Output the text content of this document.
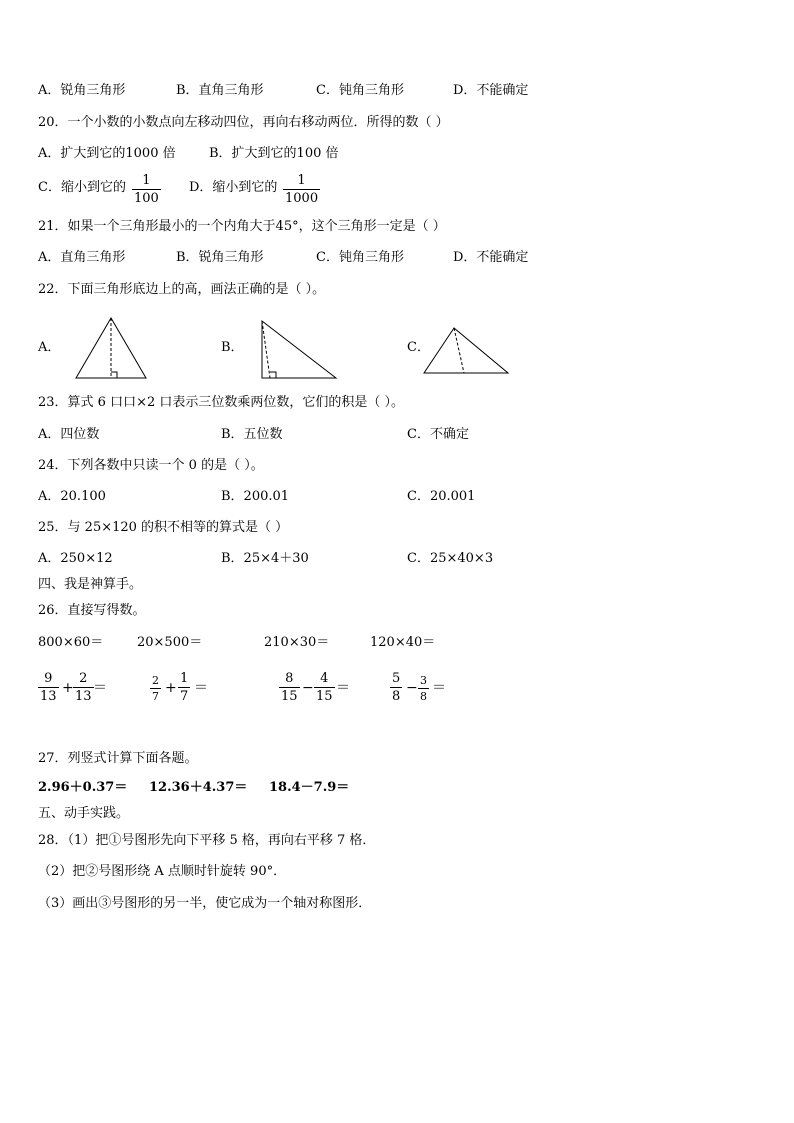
A．锐角三角形	B．直角三角形	C．钝角三角形	D．不能确定
20．一个小数的小数点向左移动四位，再向右移动两位．所得的数（ ）
A．扩大到它的1000 倍	B．扩大到它的100 倍
C．缩小到它的 1
100
D．缩小到它的 1
1000
21．如果一个三角形最小的一个内角大于45°，这个三角形一定是（ ）
A．直角三角形	B．锐角三角形	C．钝角三角形	D．不能确定
22．下面三角形底边上的高，画法正确的是（ ）。
A．	B．	C．
23．算式 6 口口×2 口表示三位数乘两位数，它们的积是（ ）。
A．四位数	B．五位数	C．不确定
24．下列各数中只读一个 0 的是（ ）。
A．20.100	B．200.01	C．20.001
25．与 25×120 的积不相等的算式是（ ）
A．250×12	B．25×4＋30	C．25×40×3
四、我是神算手。
26．直接写得数。
800×60＝	20×500＝	210×30＝	120×40＝
9
13
+
2
13
＝	2
7
+
1
7
＝
8
15
−
4
15
＝
5
8
− 3
8
＝
27．列竖式计算下面各题。
2.96＋0.37＝ 12.36＋4.37＝ 18.4－7.9＝
五、动手实践。
28．（1）把①号图形先向下平移 5 格，再向右平移 7 格．
（2）把②号图形绕 A 点顺时针旋转 90°．
（3）画出③号图形的另一半，使它成为一个轴对称图形．
